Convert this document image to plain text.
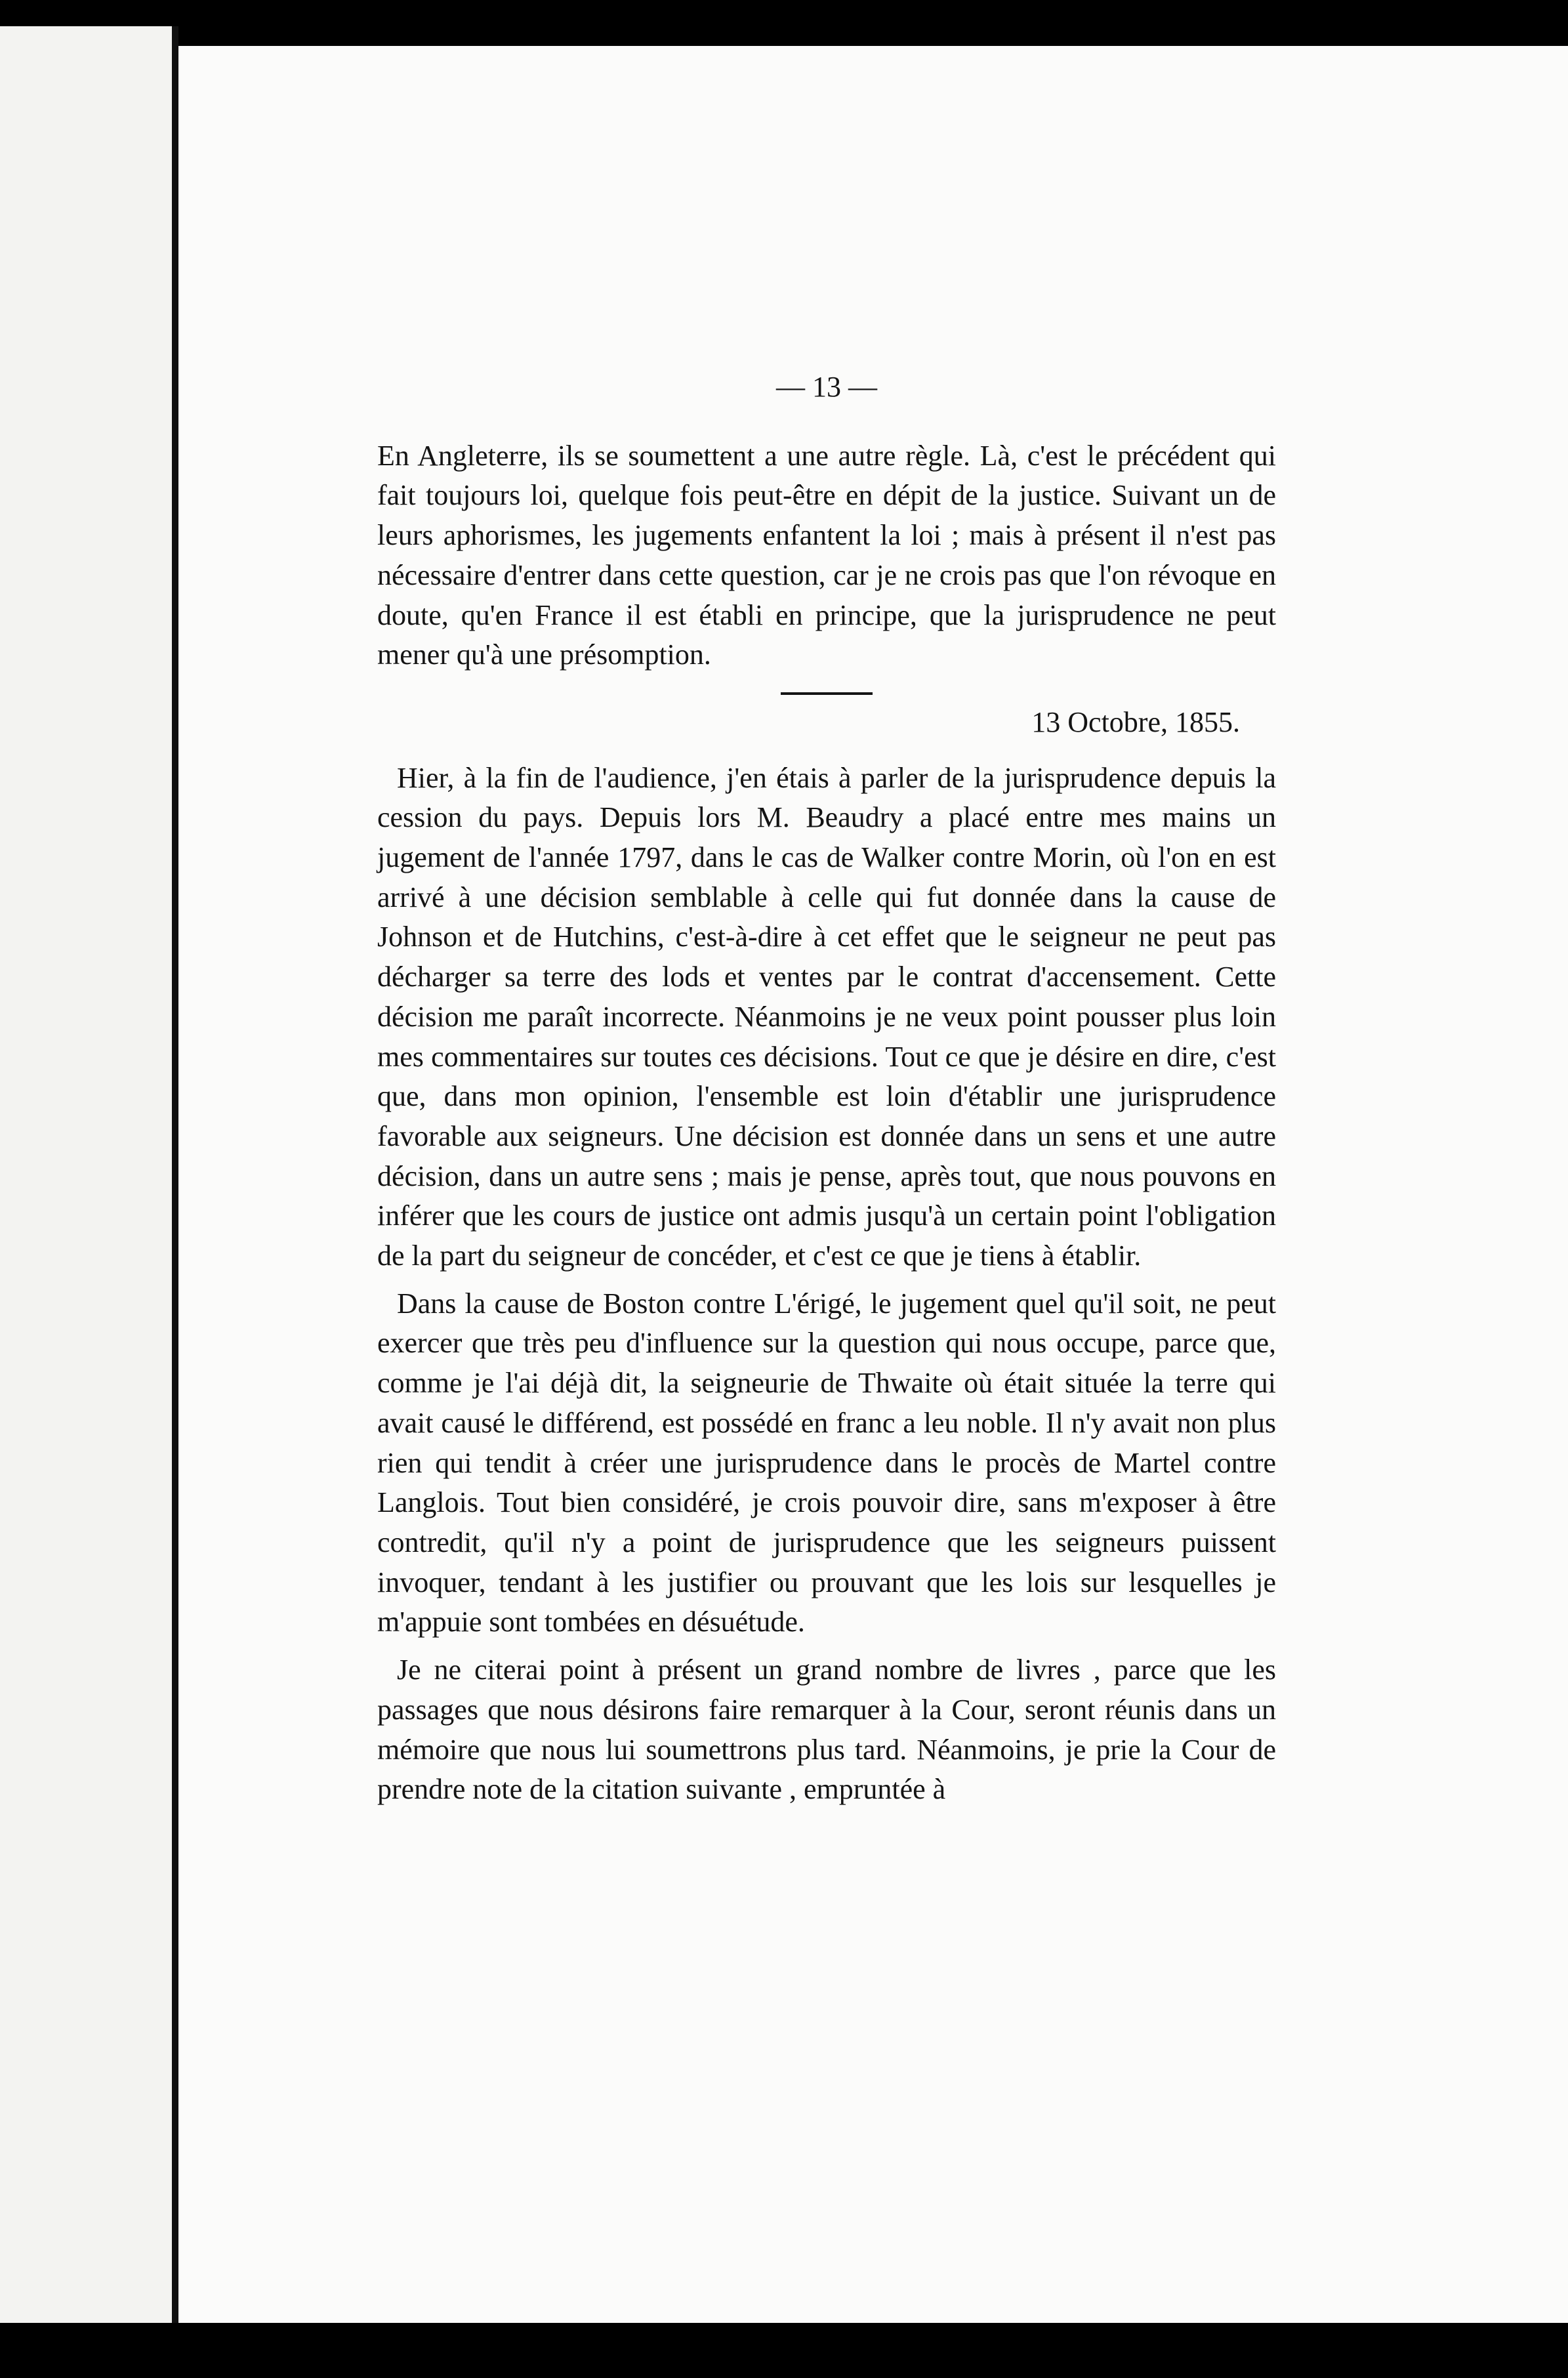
— 13 —

En Angleterre, ils se soumettent a une autre règle. Là, c'est le précédent qui fait toujours loi, quelque fois peut-être en dépit de la justice. Suivant un de leurs aphorismes, les jugements enfantent la loi ; mais à présent il n'est pas nécessaire d'entrer dans cette question, car je ne crois pas que l'on révoque en doute, qu'en France il est établi en principe, que la jurisprudence ne peut mener qu'à une présomption.

13 Octobre, 1855.

Hier, à la fin de l'audience, j'en étais à parler de la jurisprudence depuis la cession du pays. Depuis lors M. Beaudry a placé entre mes mains un jugement de l'année 1797, dans le cas de Walker contre Morin, où l'on en est arrivé à une décision semblable à celle qui fut donnée dans la cause de Johnson et de Hutchins, c'est-à-dire à cet effet que le seigneur ne peut pas décharger sa terre des lods et ventes par le contrat d'accensement. Cette décision me paraît incorrecte. Néanmoins je ne veux point pousser plus loin mes commentaires sur toutes ces décisions. Tout ce que je désire en dire, c'est que, dans mon opinion, l'ensemble est loin d'établir une jurisprudence favorable aux seigneurs. Une décision est donnée dans un sens et une autre décision, dans un autre sens ; mais je pense, après tout, que nous pouvons en inférer que les cours de justice ont admis jusqu'à un certain point l'obligation de la part du seigneur de concéder, et c'est ce que je tiens à établir.

Dans la cause de Boston contre L'érigé, le jugement quel qu'il soit, ne peut exercer que très peu d'influence sur la question qui nous occupe, parce que, comme je l'ai déjà dit, la seigneurie de Thwaite où était située la terre qui avait causé le différend, est possédé en franc a leu noble. Il n'y avait non plus rien qui tendit à créer une jurisprudence dans le procès de Martel contre Langlois. Tout bien considéré, je crois pouvoir dire, sans m'exposer à être contredit, qu'il n'y a point de jurisprudence que les seigneurs puissent invoquer, tendant à les justifier ou prouvant que les lois sur lesquelles je m'appuie sont tombées en désuétude.

Je ne citerai point à présent un grand nombre de livres , parce que les passages que nous désirons faire remarquer à la Cour, seront réunis dans un mémoire que nous lui soumettrons plus tard. Néanmoins, je prie la Cour de prendre note de la citation suivante , empruntée à
